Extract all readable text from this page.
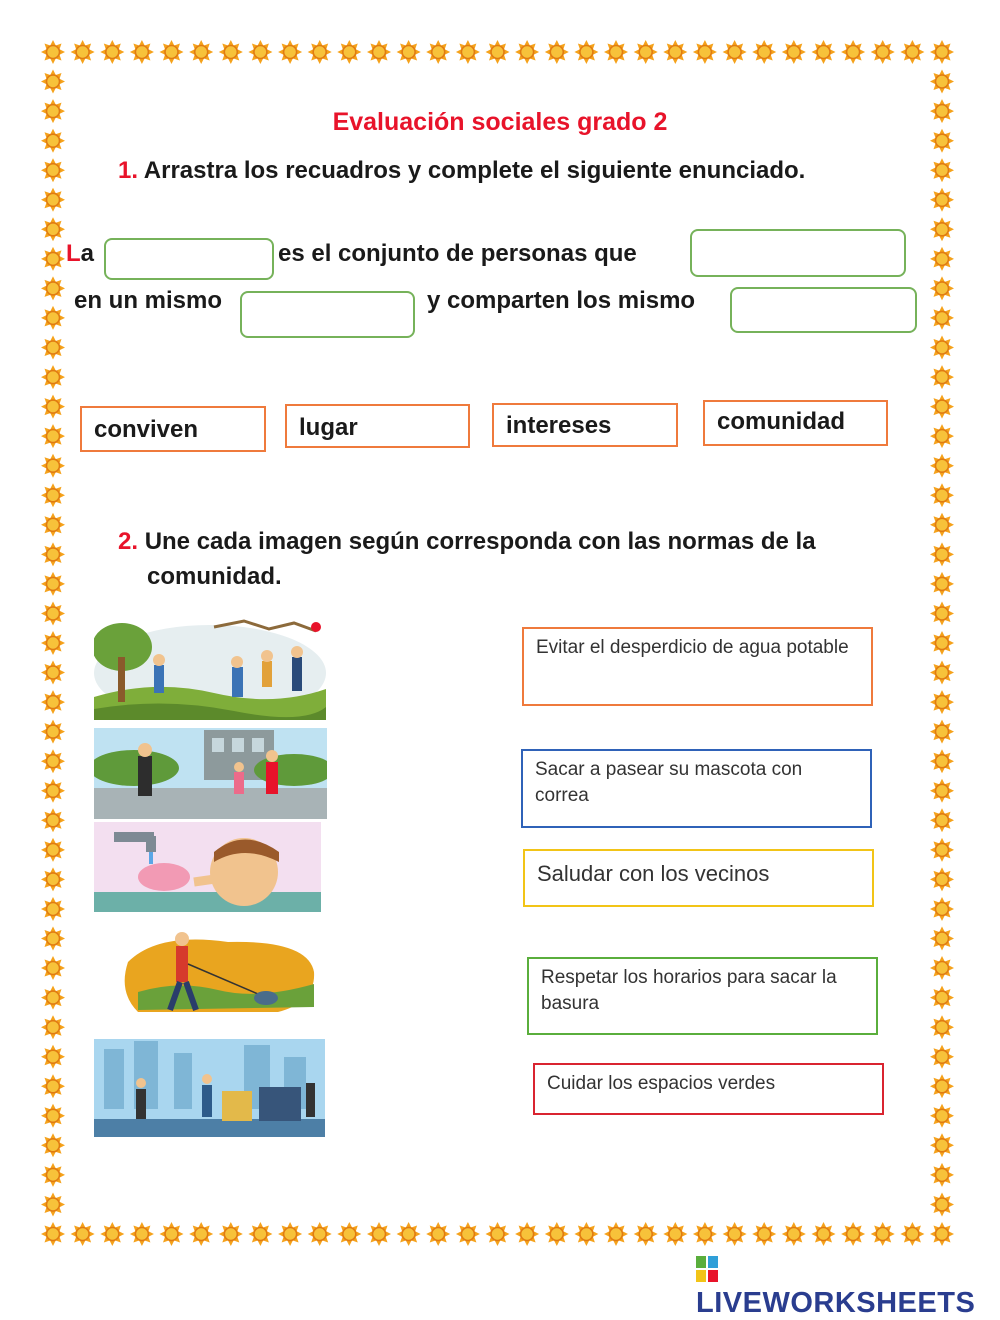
Evaluación sociales grado 2
1. Arrastra los recuadros y complete el siguiente enunciado.
La	es el conjunto de personas que
en un mismo	y comparten los mismo
conviven	lugar	intereses	comunidad
2. Une cada imagen según corresponda con las normas de la
comunidad.
Evitar el desperdicio de agua potable
Sacar a pasear su mascota con correa
Saludar con los vecinos
Respetar los horarios para sacar la basura
Cuidar los espacios verdes
LIVEWORKSHEETS
